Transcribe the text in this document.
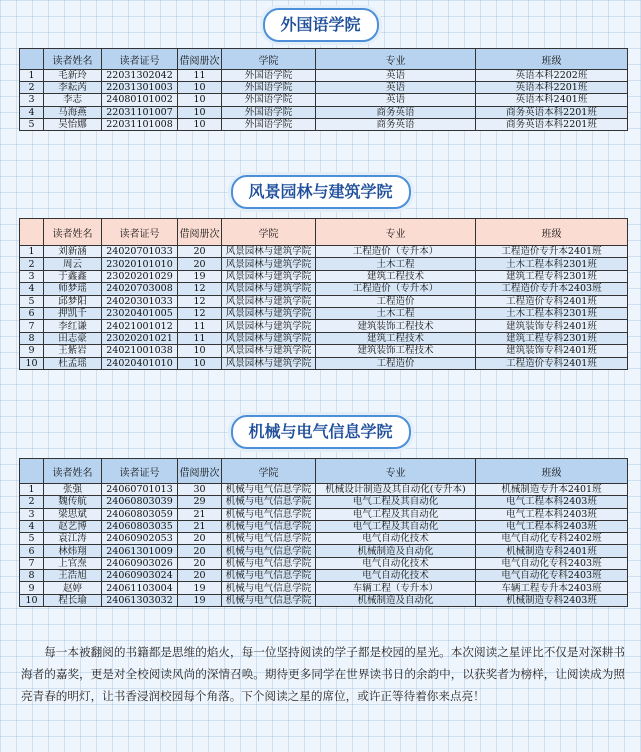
外国语学院
	读者姓名	读者证号	借阅册次	学院	专业	班级
1	毛新玲	22031302042	11	外国语学院	英语	英语本科2202班
2	李耘芮	22031301003	10	外国语学院	英语	英语本科2201班
3	李志	24080101002	10	外国语学院	英语	英语本科2401班
4	马海燕	22031101007	10	外国语学院	商务英语	商务英语本科2201班
5	吴怡娜	22031101008	10	外国语学院	商务英语	商务英语本科2201班
风景园林与建筑学院
	读者姓名	读者证号	借阅册次	学院	专业	班级
1	刘新涵	24020701033	20	风景园林与建筑学院	工程造价（专升本）	工程造价专升本2401班
2	周云	23020101010	20	风景园林与建筑学院	土木工程	土木工程本科2301班
3	于鑫鑫	23020201029	19	风景园林与建筑学院	建筑工程技术	建筑工程专科2301班
4	师梦瑶	24020703008	12	风景园林与建筑学院	工程造价（专升本）	工程造价专升本2403班
5	邱梦阳	24020301033	12	风景园林与建筑学院	工程造价	工程造价专科2401班
6	押凯千	23020401005	12	风景园林与建筑学院	土木工程	土木工程本科2301班
7	李红谦	24021001012	11	风景园林与建筑学院	建筑装饰工程技术	建筑装饰专科2401班
8	田志豪	23020201021	11	风景园林与建筑学院	建筑工程技术	建筑工程专科2301班
9	王紫岩	24021001038	10	风景园林与建筑学院	建筑装饰工程技术	建筑装饰专科2401班
10	杜孟瑶	24020401010	10	风景园林与建筑学院	工程造价	工程造价专科2401班
机械与电气信息学院
	读者姓名	读者证号	借阅册次	学院	专业	班级
1	张强	24060701013	30	机械与电气信息学院	机械设计制造及其自动化(专升本)	机械制造专升本2401班
2	魏传航	24060803039	29	机械与电气信息学院	电气工程及其自动化	电气工程本科2403班
3	梁思斌	24060803059	21	机械与电气信息学院	电气工程及其自动化	电气工程本科2403班
4	赵艺博	24060803035	21	机械与电气信息学院	电气工程及其自动化	电气工程本科2403班
5	袁江涛	24060902053	20	机械与电气信息学院	电气自动化技术	电气自动化专科2402班
6	林炜翔	24061301009	20	机械与电气信息学院	机械制造及自动化	机械制造专科2401班
7	上官焘	24060903026	20	机械与电气信息学院	电气自动化技术	电气自动化专科2403班
8	王浩旭	24060903024	20	机械与电气信息学院	电气自动化技术	电气自动化专科2403班
9	赵婷	24061103004	19	机械与电气信息学院	车辆工程（专升本）	车辆工程专升本2403班
10	程长瑜	24061303032	19	机械与电气信息学院	机械制造及自动化	机械制造专科2403班

每一本被翻阅的书籍都是思维的焰火，每一位坚持阅读的学子都是校园的星光。本次阅读之星评比不仅是对深耕书海者的嘉奖，更是对全校阅读风尚的深情召唤。期待更多同学在世界读书日的余韵中，以获奖者为榜样，让阅读成为照亮青春的明灯，让书香浸润校园每个角落。下个阅读之星的席位，或许正等待着你来点亮！
